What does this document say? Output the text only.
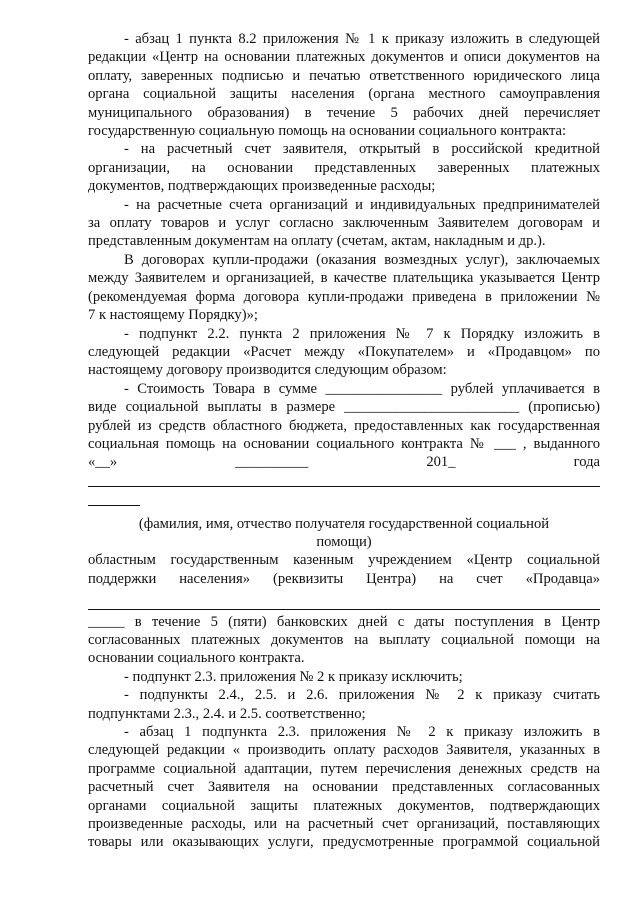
- абзац 1 пункта 8.2 приложения № 1 к приказу изложить в следующей
редакции «Центр на основании платежных документов и описи документов на
оплату, заверенных подписью и печатью ответственного юридического лица
органа социальной защиты населения (органа местного самоуправления
муниципального образования) в течение 5 рабочих дней перечисляет
государственную социальную помощь на основании социального контракта:
- на расчетный счет заявителя, открытый в российской кредитной
организации, на основании представленных заверенных платежных
документов, подтверждающих произведенные расходы;
- на расчетные счета организаций и индивидуальных предпринимателей
за оплату товаров и услуг согласно заключенным Заявителем договорам и
представленным документам на оплату (счетам, актам, накладным и др.).
В договорах купли-продажи (оказания возмездных услуг), заключаемых
между Заявителем и организацией, в качестве плательщика указывается Центр
(рекомендуемая форма договора купли-продажи приведена в приложении №
7 к настоящему Порядку)»;
- подпункт 2.2. пункта 2 приложения № 7 к Порядку изложить в
следующей редакции «Расчет между «Покупателем» и «Продавцом» по
настоящему договору производится следующим образом:
- Стоимость Товара в сумме ________________ рублей уплачивается в
виде социальной выплаты в размере ________________________ (прописью)
рублей из средств областного бюджета, предоставленных как государственная
социальная помощь на основании социального контракта № ___ , выданного
«__» __________ 201_ года
(фамилия, имя, отчество получателя государственной социальной
помощи)
областным государственным казенным учреждением «Центр социальной
поддержки населения» (реквизиты Центра) на счет «Продавца»
_____ в течение 5 (пяти) банковских дней с даты поступления в Центр
согласованных платежных документов на выплату социальной помощи на
основании социального контракта.
- подпункт 2.3. приложения № 2 к приказу исключить;
- подпункты 2.4., 2.5. и 2.6. приложения № 2 к приказу считать
подпунктами 2.3., 2.4. и 2.5. соответственно;
- абзац 1 подпункта 2.3. приложения № 2 к приказу изложить в
следующей редакции « производить оплату расходов Заявителя, указанных в
программе социальной адаптации, путем перечисления денежных средств на
расчетный счет Заявителя на основании представленных согласованных
органами социальной защиты платежных документов, подтверждающих
произведенные расходы, или на расчетный счет организаций, поставляющих
товары или оказывающих услуги, предусмотренные программой социальной
